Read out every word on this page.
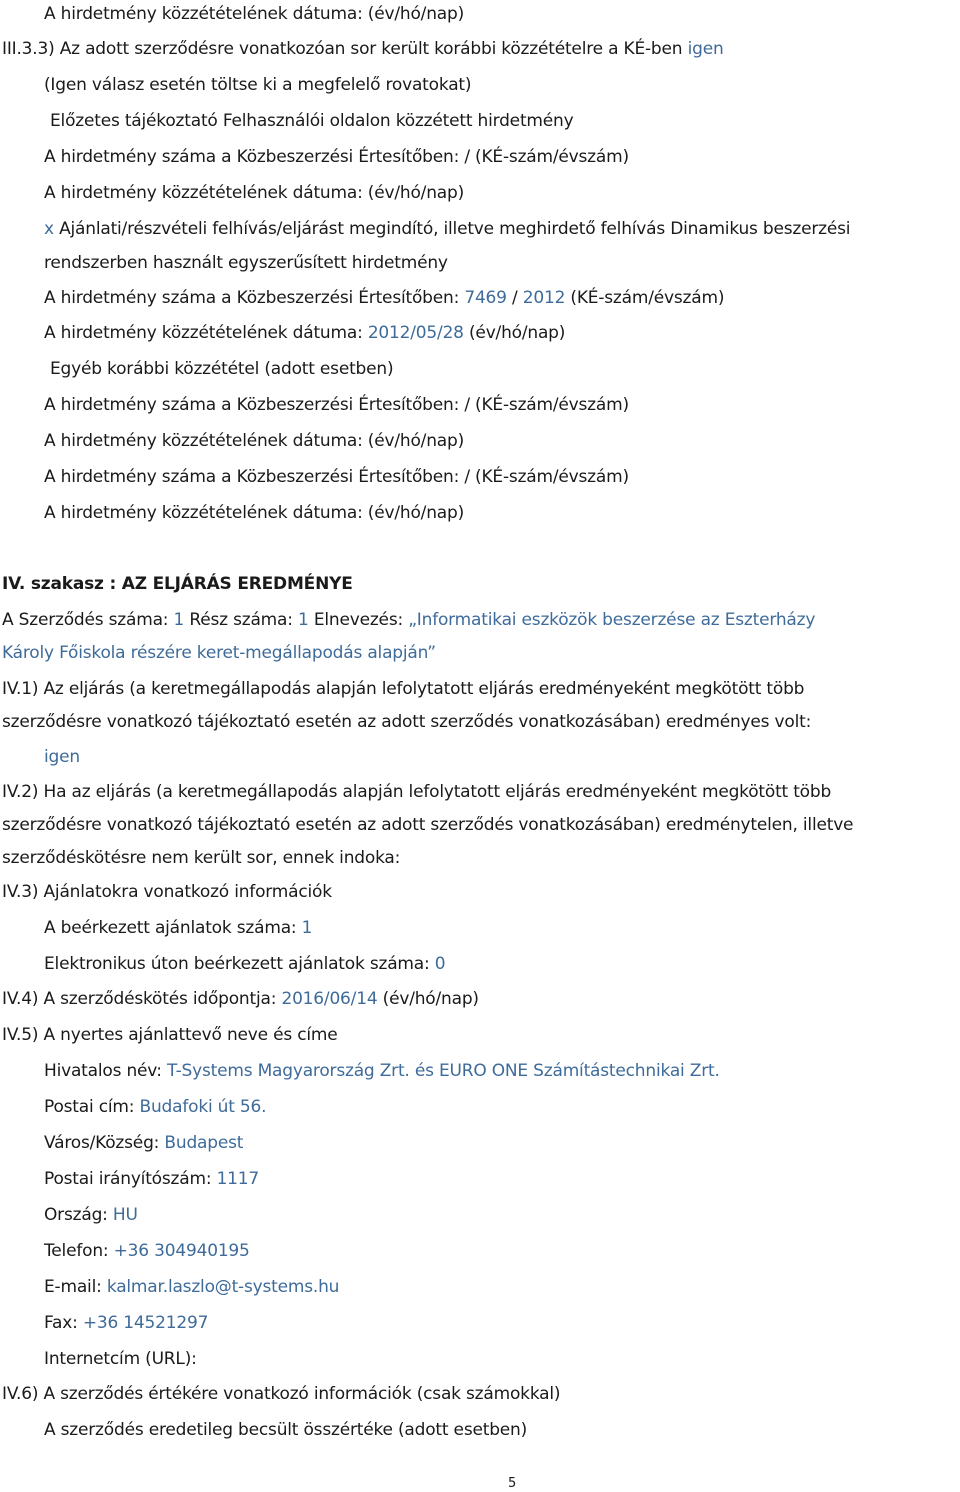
A hirdetmény közzétételének dátuma: (év/hó/nap)
III.3.3) Az adott szerződésre vonatkozóan sor került korábbi közzétételre a KÉ-ben igen
(Igen válasz esetén töltse ki a megfelelő rovatokat)
Előzetes tájékoztató Felhasználói oldalon közzétett hirdetmény
A hirdetmény száma a Közbeszerzési Értesítőben: / (KÉ-szám/évszám)
A hirdetmény közzétételének dátuma: (év/hó/nap)
x Ajánlati/részvételi felhívás/eljárást megindító, illetve meghirdető felhívás Dinamikus beszerzési
rendszerben használt egyszerűsített hirdetmény
A hirdetmény száma a Közbeszerzési Értesítőben: 7469 / 2012 (KÉ-szám/évszám)
A hirdetmény közzétételének dátuma: 2012/05/28 (év/hó/nap)
Egyéb korábbi közzététel (adott esetben)
A hirdetmény száma a Közbeszerzési Értesítőben: / (KÉ-szám/évszám)
A hirdetmény közzétételének dátuma: (év/hó/nap)
A hirdetmény száma a Közbeszerzési Értesítőben: / (KÉ-szám/évszám)
A hirdetmény közzétételének dátuma: (év/hó/nap)
IV. szakasz : AZ ELJÁRÁS EREDMÉNYE
A Szerződés száma: 1 Rész száma: 1 Elnevezés: „Informatikai eszközök beszerzése az Eszterházy
Károly Főiskola részére keret-megállapodás alapján”
IV.1) Az eljárás (a keretmegállapodás alapján lefolytatott eljárás eredményeként megkötött több
szerződésre vonatkozó tájékoztató esetén az adott szerződés vonatkozásában) eredményes volt:
igen
IV.2) Ha az eljárás (a keretmegállapodás alapján lefolytatott eljárás eredményeként megkötött több
szerződésre vonatkozó tájékoztató esetén az adott szerződés vonatkozásában) eredménytelen, illetve
szerződéskötésre nem került sor, ennek indoka:
IV.3) Ajánlatokra vonatkozó információk
A beérkezett ajánlatok száma: 1
Elektronikus úton beérkezett ajánlatok száma: 0
IV.4) A szerződéskötés időpontja: 2016/06/14 (év/hó/nap)
IV.5) A nyertes ajánlattevő neve és címe
Hivatalos név: T-Systems Magyarország Zrt. és EURO ONE Számítástechnikai Zrt.
Postai cím: Budafoki út 56.
Város/Község: Budapest
Postai irányítószám: 1117
Ország: HU
Telefon: +36 304940195
E-mail: kalmar.laszlo@t-systems.hu
Fax: +36 14521297
Internetcím (URL):
IV.6) A szerződés értékére vonatkozó információk (csak számokkal)
A szerződés eredetileg becsült összértéke (adott esetben)
5
